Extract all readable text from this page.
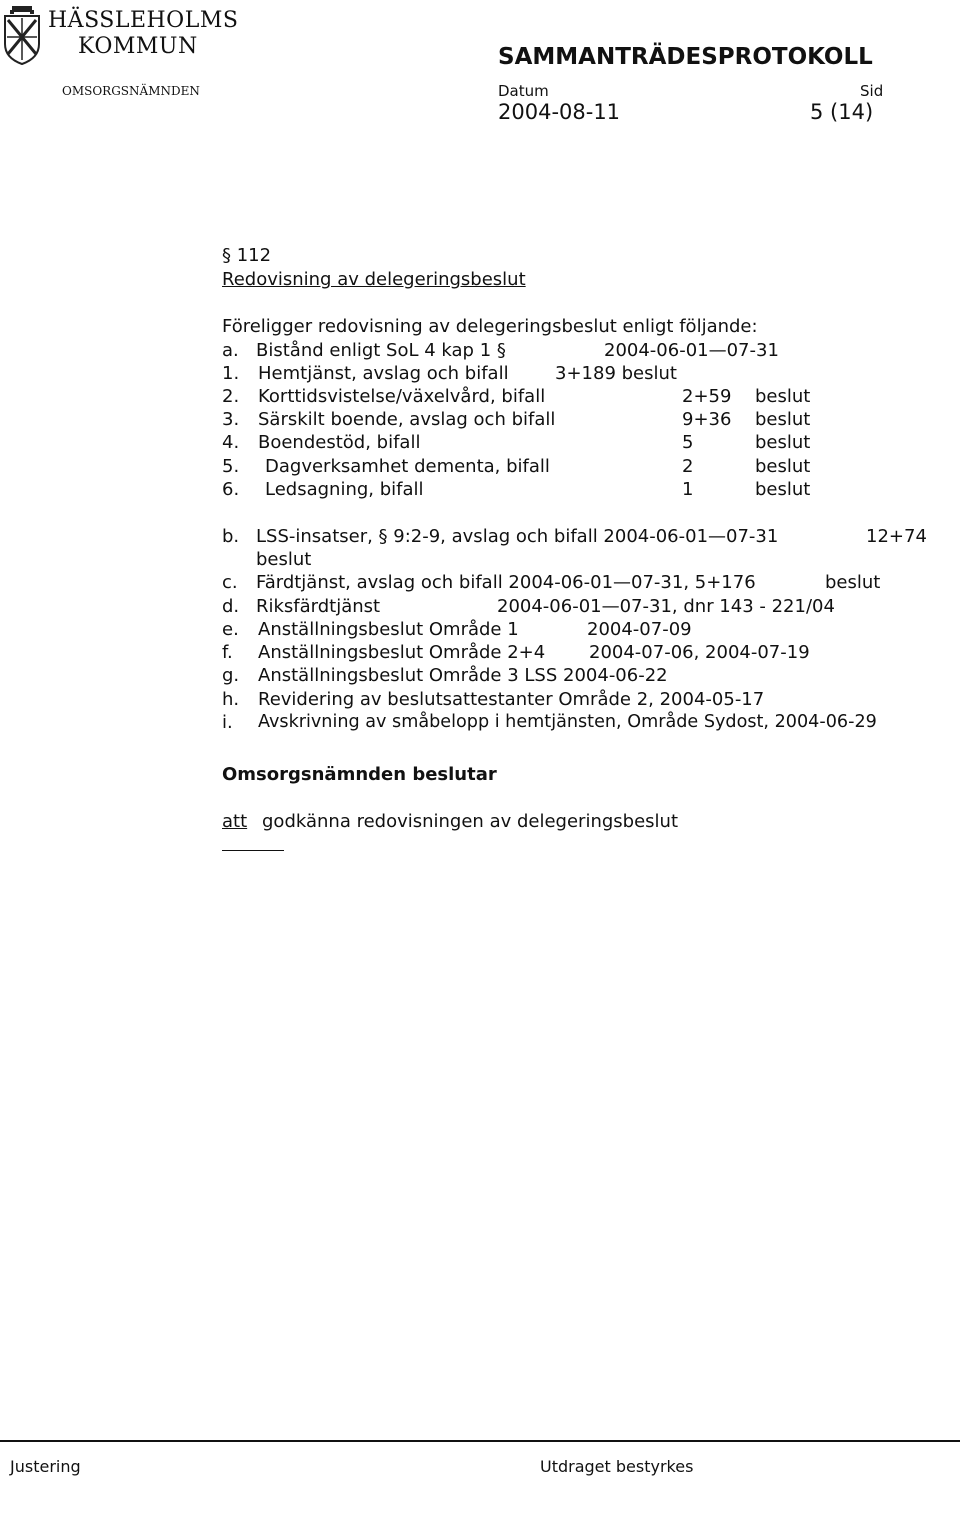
HÄSSLEHOLMS
KOMMUN	SAMMANTRÄDESPROTOKOLL
OMSORGSNÄMNDEN	Datum	Sid
2004-08-11	5 (14)
§ 112
Redovisning av delegeringsbeslut
Föreligger redovisning av delegeringsbeslut enligt följande:
a. Bistånd enligt SoL 4 kap 1 §	2004-06-01—07-31
1. Hemtjänst, avslag och bifall	3+189 beslut
2. Korttidsvistelse/växelvård, bifall	2+59 beslut
3. Särskilt boende, avslag och bifall	9+36 beslut
4. Boendestöd, bifall	5	beslut
5. Dagverksamhet dementa, bifall	2	beslut
6. Ledsagning, bifall	1	beslut
b. LSS-insatser, § 9:2-9, avslag och bifall 2004-06-01—07-31	12+74
beslut
c. Färdtjänst, avslag och bifall 2004-06-01—07-31, 5+176	beslut
d. Riksfärdtjänst	2004-06-01—07-31, dnr 143 - 221/04
e. Anställningsbeslut Område 1	2004-07-09
f. Anställningsbeslut Område 2+4 2004-07-06, 2004-07-19
g. Anställningsbeslut Område 3 LSS 2004-06-22
h. Revidering av beslutsattestanter Område 2, 2004-05-17
i. Avskrivning av småbelopp i hemtjänsten, Område Sydost, 2004-06-29
Omsorgsnämnden beslutar
att godkänna redovisningen av delegeringsbeslut
Justering	Utdraget bestyrkes
